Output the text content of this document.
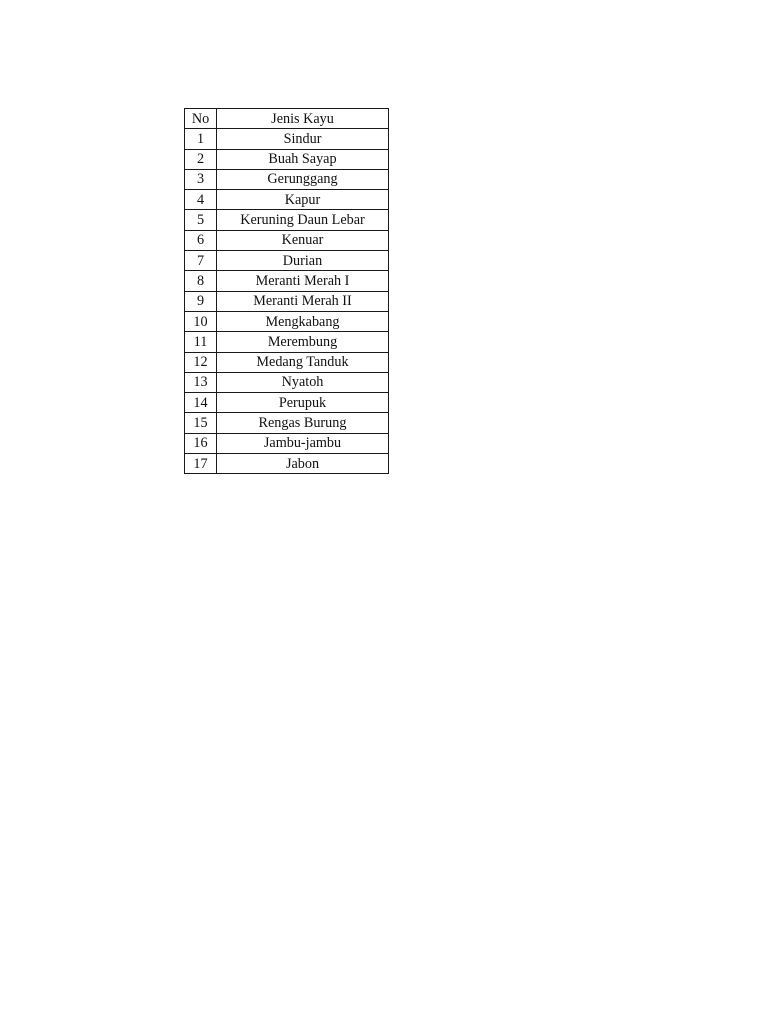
No	Jenis Kayu
1	Sindur
2	Buah Sayap
3	Gerunggang
4	Kapur
5	Keruning Daun Lebar
6	Kenuar
7	Durian
8	Meranti Merah I
9	Meranti Merah II
10	Mengkabang
11	Merembung
12	Medang Tanduk
13	Nyatoh
14	Perupuk
15	Rengas Burung
16	Jambu-jambu
17	Jabon
